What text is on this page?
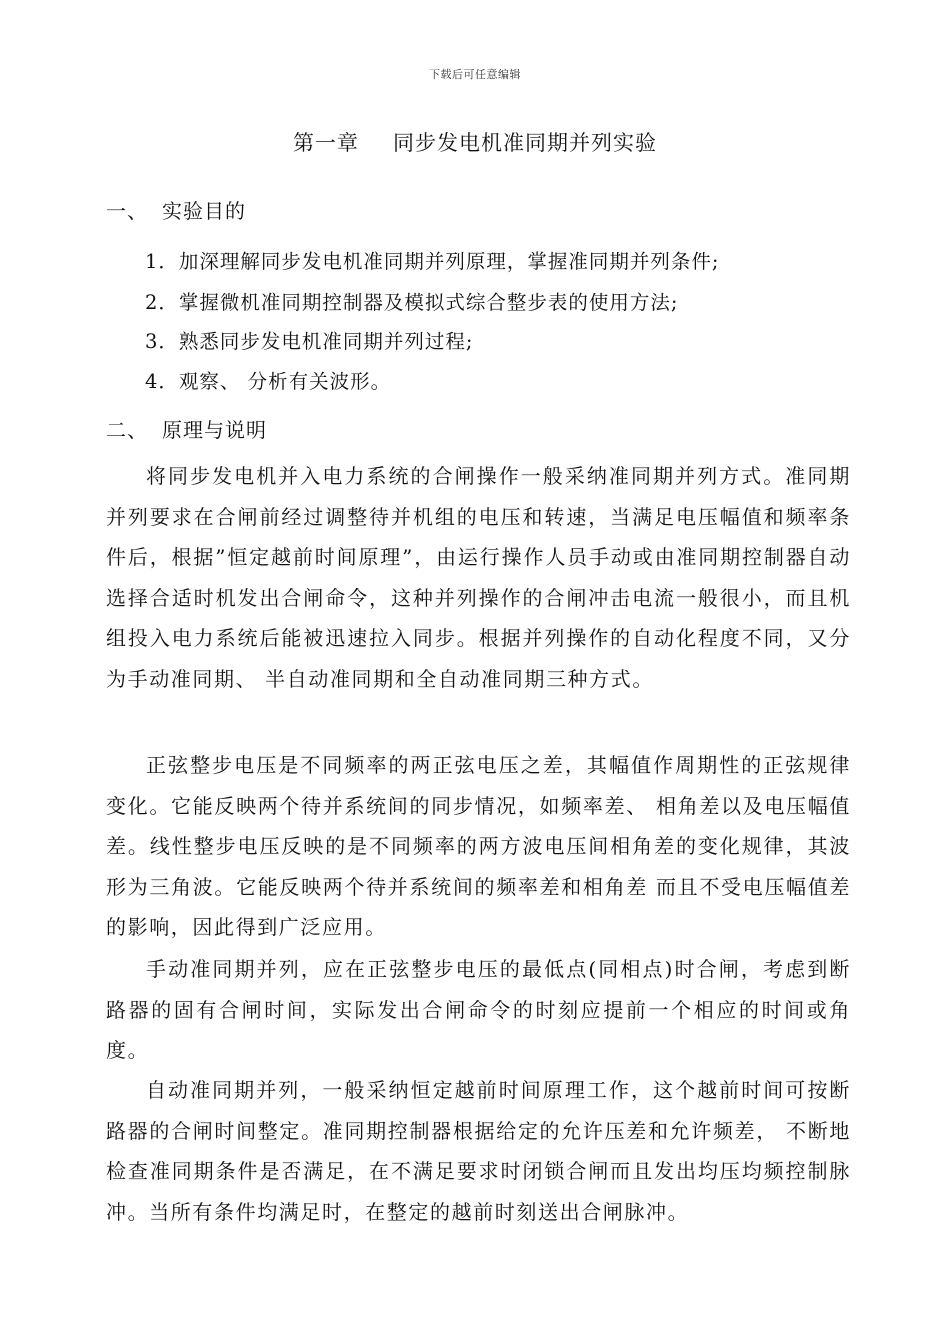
下载后可任意编辑
第一章 同步发电机准同期并列实验
一、 实验目的
1．加深理解同步发电机准同期并列原理，掌握准同期并列条件;
2．掌握微机准同期控制器及模拟式综合整步表的使用方法;
3．熟悉同步发电机准同期并列过程;
4．观察、 分析有关波形。
二、 原理与说明

将同步发电机并入电力系统的合闸操作一般采纳准同期并列方式。准同期并列要求在合闸前经过调整待并机组的电压和转速，当满足电压幅值和频率条件后，根据”恒定越前时间原理”，由运行操作人员手动或由准同期控制器自动选择合适时机发出合闸命令，这种并列操作的合闸冲击电流一般很小，而且机组投入电力系统后能被迅速拉入同步。根据并列操作的自动化程度不同，又分为手动准同期、 半自动准同期和全自动准同期三种方式。

正弦整步电压是不同频率的两正弦电压之差，其幅值作周期性的正弦规律变化。它能反映两个待并系统间的同步情况，如频率差、 相角差以及电压幅值差。线性整步电压反映的是不同频率的两方波电压间相角差的变化规律，其波形为三角波。它能反映两个待并系统间的频率差和相角差 而且不受电压幅值差的影响，因此得到广泛应用。

手动准同期并列，应在正弦整步电压的最低点(同相点)时合闸，考虑到断路器的固有合闸时间，实际发出合闸命令的时刻应提前一个相应的时间或角度。

自动准同期并列，一般采纳恒定越前时间原理工作，这个越前时间可按断路器的合闸时间整定。准同期控制器根据给定的允许压差和允许频差， 不断地检查准同期条件是否满足，在不满足要求时闭锁合闸而且发出均压均频控制脉冲。当所有条件均满足时，在整定的越前时刻送出合闸脉冲。
